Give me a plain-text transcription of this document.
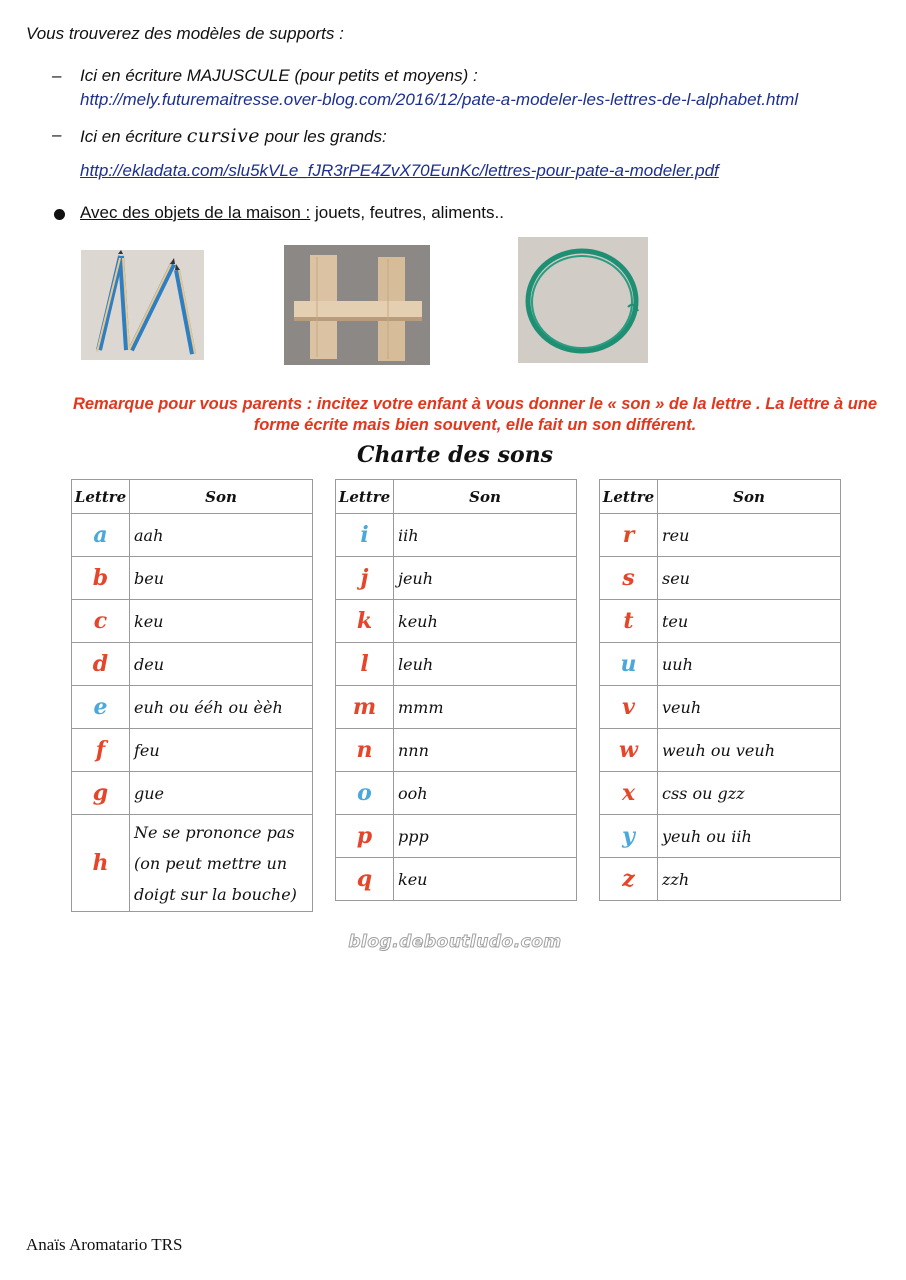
Vous trouverez des modèles de supports :
–	Ici en écriture MAJUSCULE (pour petits et moyens) :
http://mely.futuremaitresse.over-blog.com/2016/12/pate-a-modeler-les-lettres-de-l-alphabet.html
–	Ici en écriture cursive pour les grands:
http://ekladata.com/slu5kVLe_fJR3rPE4ZvX70EunKc/lettres-pour-pate-a-modeler.pdf
Avec des objets de la maison : jouets, feutres, aliments..
Remarque pour vous parents : incitez votre enfant à vous donner le « son » de la lettre . La lettre à une forme écrite mais bien souvent, elle fait un son différent.
Charte des sons
Lettre	Son
a	aah
b	beu
c	keu
d	deu
e	euh ou ééh ou èèh
f	feu
g	gue
h	Ne se prononce pas (on peut mettre un doigt sur la bouche)
Lettre	Son
i	iih
j	jeuh
k	keuh
l	leuh
m	mmm
n	nnn
o	ooh
p	ppp
q	keu
Lettre	Son
r	reu
s	seu
t	teu
u	uuh
v	veuh
w	weuh ou veuh
x	css ou gzz
y	yeuh ou iih
z	zzh
blog.deboutludo.com
Anaïs Aromatario TRS
